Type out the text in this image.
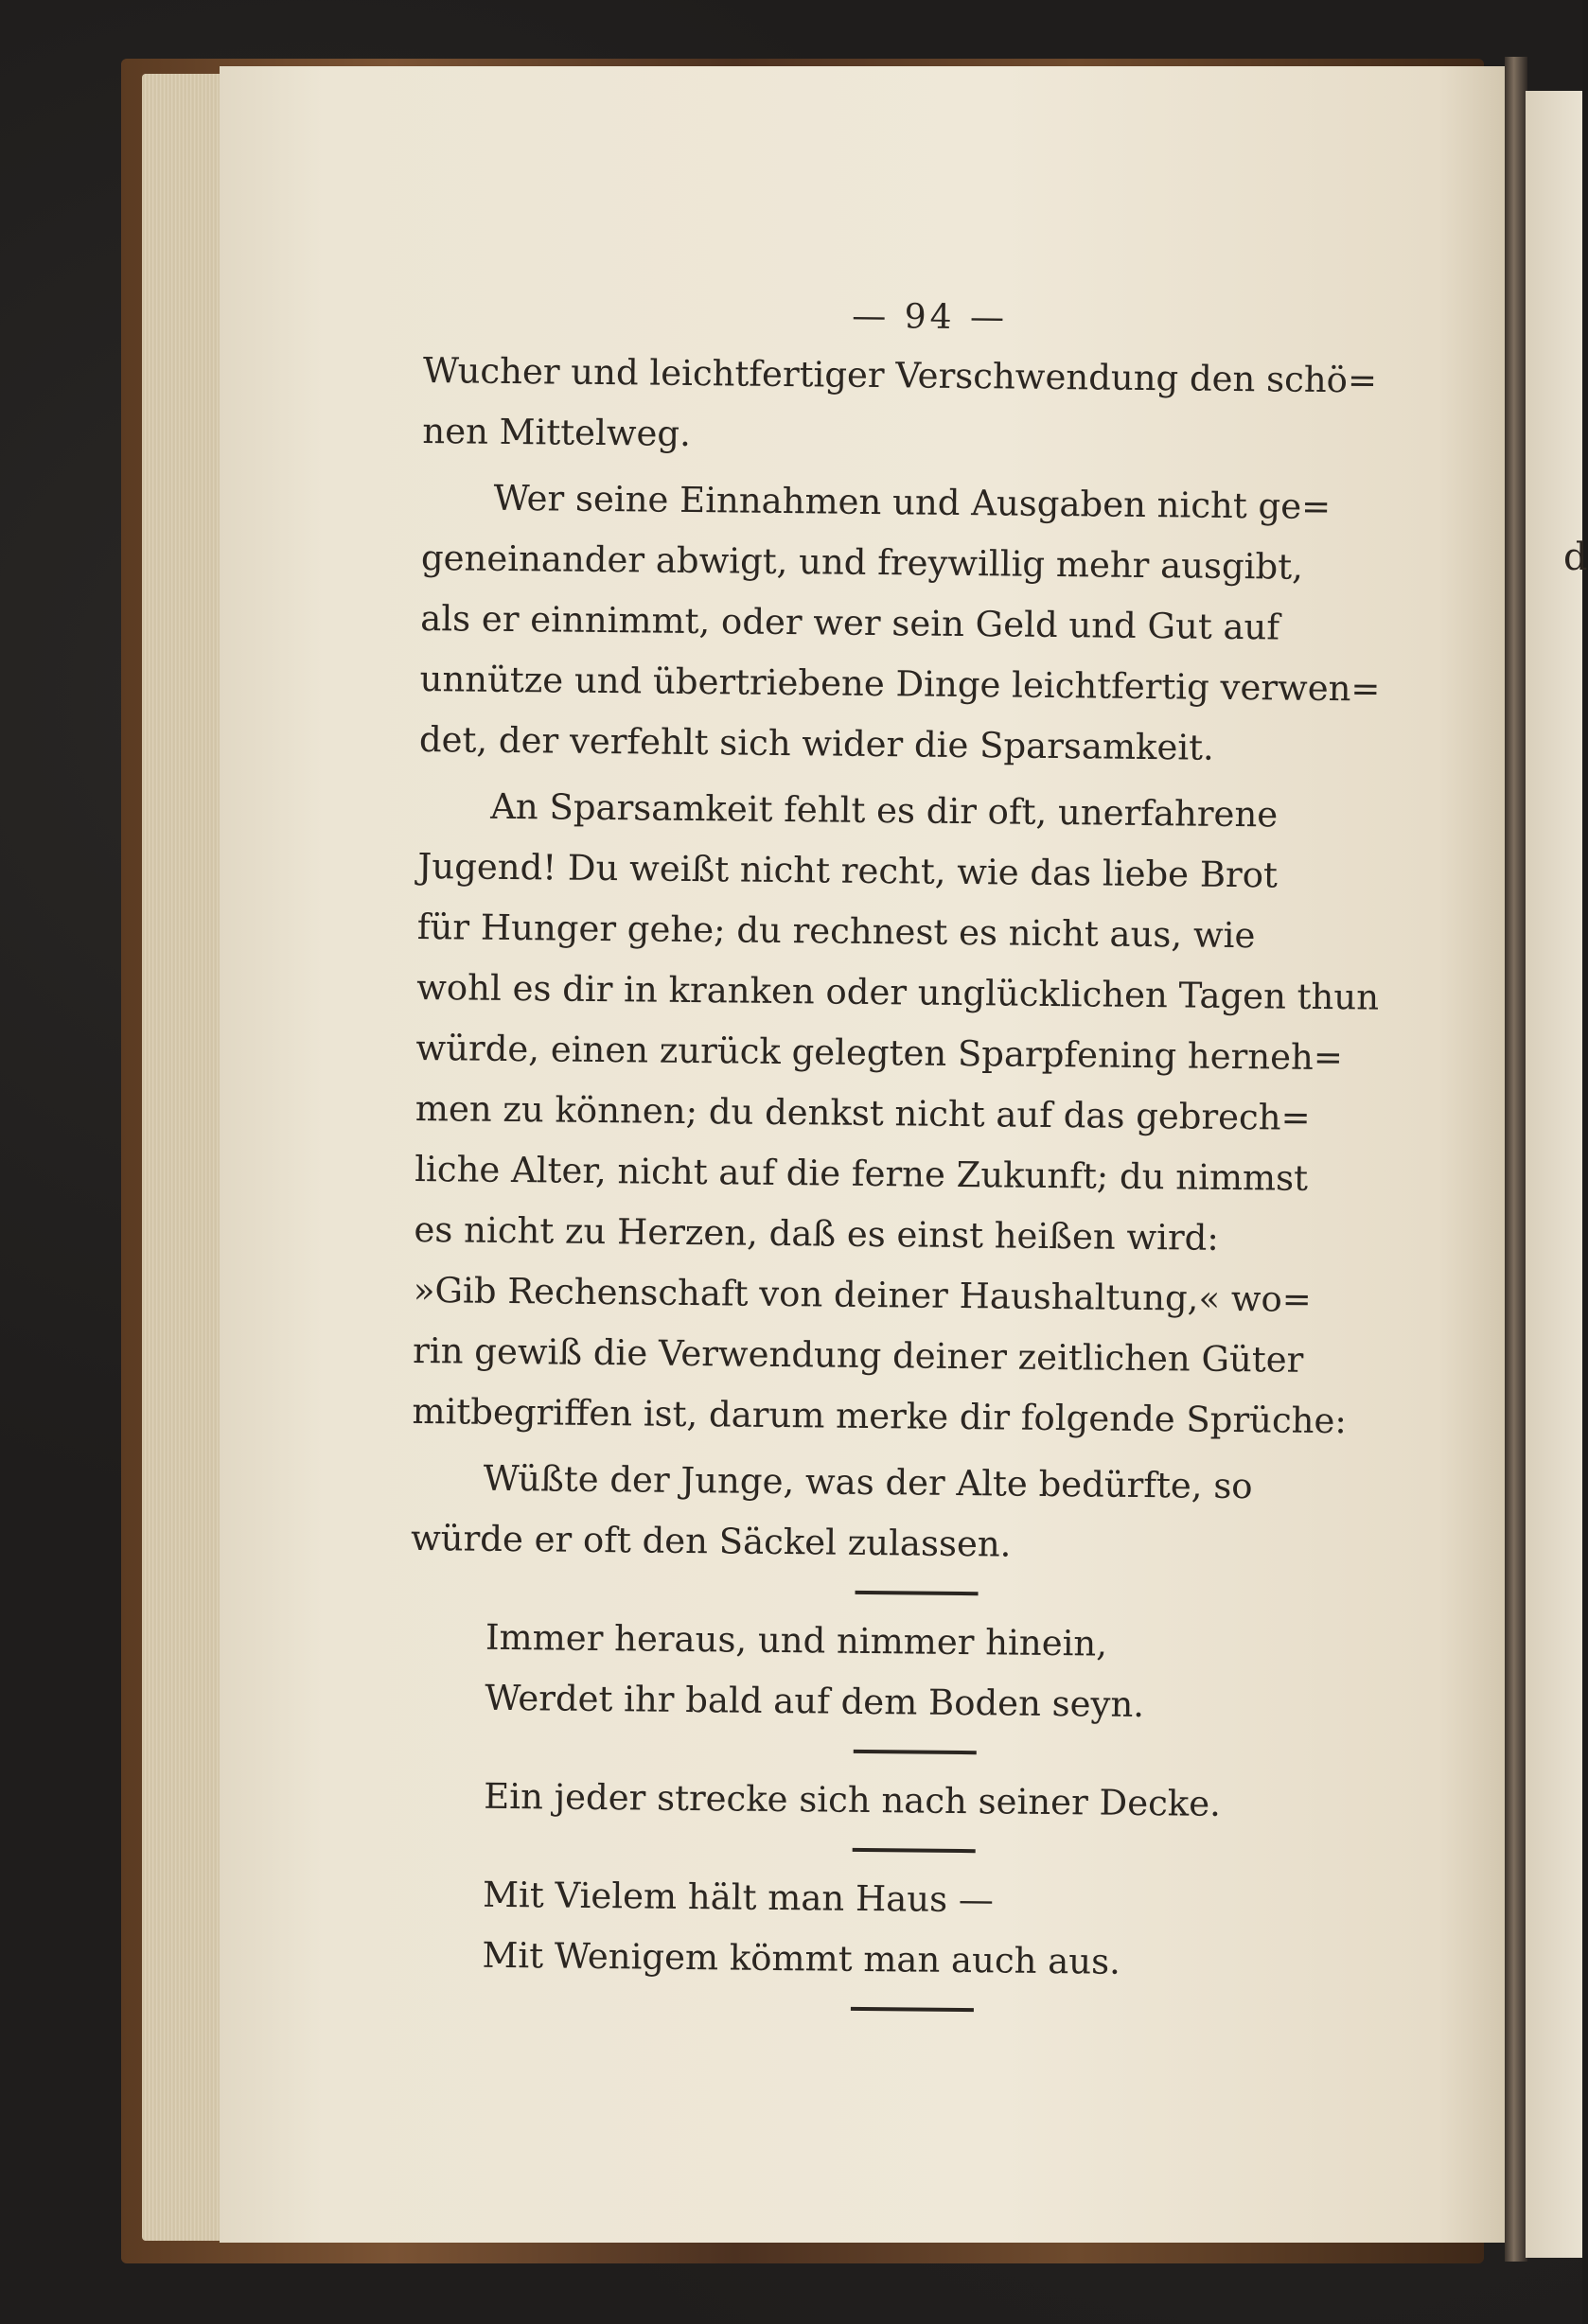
d
— 94 —

Wucher und leichtfertiger Verschwendung den schö=
nen Mittelweg.

Wer seine Einnahmen und Ausgaben nicht ge=
geneinander abwigt, und freywillig mehr ausgibt,
als er einnimmt, oder wer sein Geld und Gut auf
unnütze und übertriebene Dinge leichtfertig verwen=
det, der verfehlt sich wider die Sparsamkeit.

An Sparsamkeit fehlt es dir oft, unerfahrene
Jugend! Du weißt nicht recht, wie das liebe Brot
für Hunger gehe; du rechnest es nicht aus, wie
wohl es dir in kranken oder unglücklichen Tagen thun
würde, einen zurück gelegten Sparpfening herneh=
men zu können; du denkst nicht auf das gebrech=
liche Alter, nicht auf die ferne Zukunft; du nimmst
es nicht zu Herzen, daß es einst heißen wird:
»Gib Rechenschaft von deiner Haushaltung,« wo=
rin gewiß die Verwendung deiner zeitlichen Güter
mitbegriffen ist, darum merke dir folgende Sprüche:

Wüßte der Junge, was der Alte bedürfte, so
würde er oft den Säckel zulassen.

Immer heraus, und nimmer hinein,
Werdet ihr bald auf dem Boden seyn.
Ein jeder strecke sich nach seiner Decke.
Mit Vielem hält man Haus —
Mit Wenigem kömmt man auch aus.
